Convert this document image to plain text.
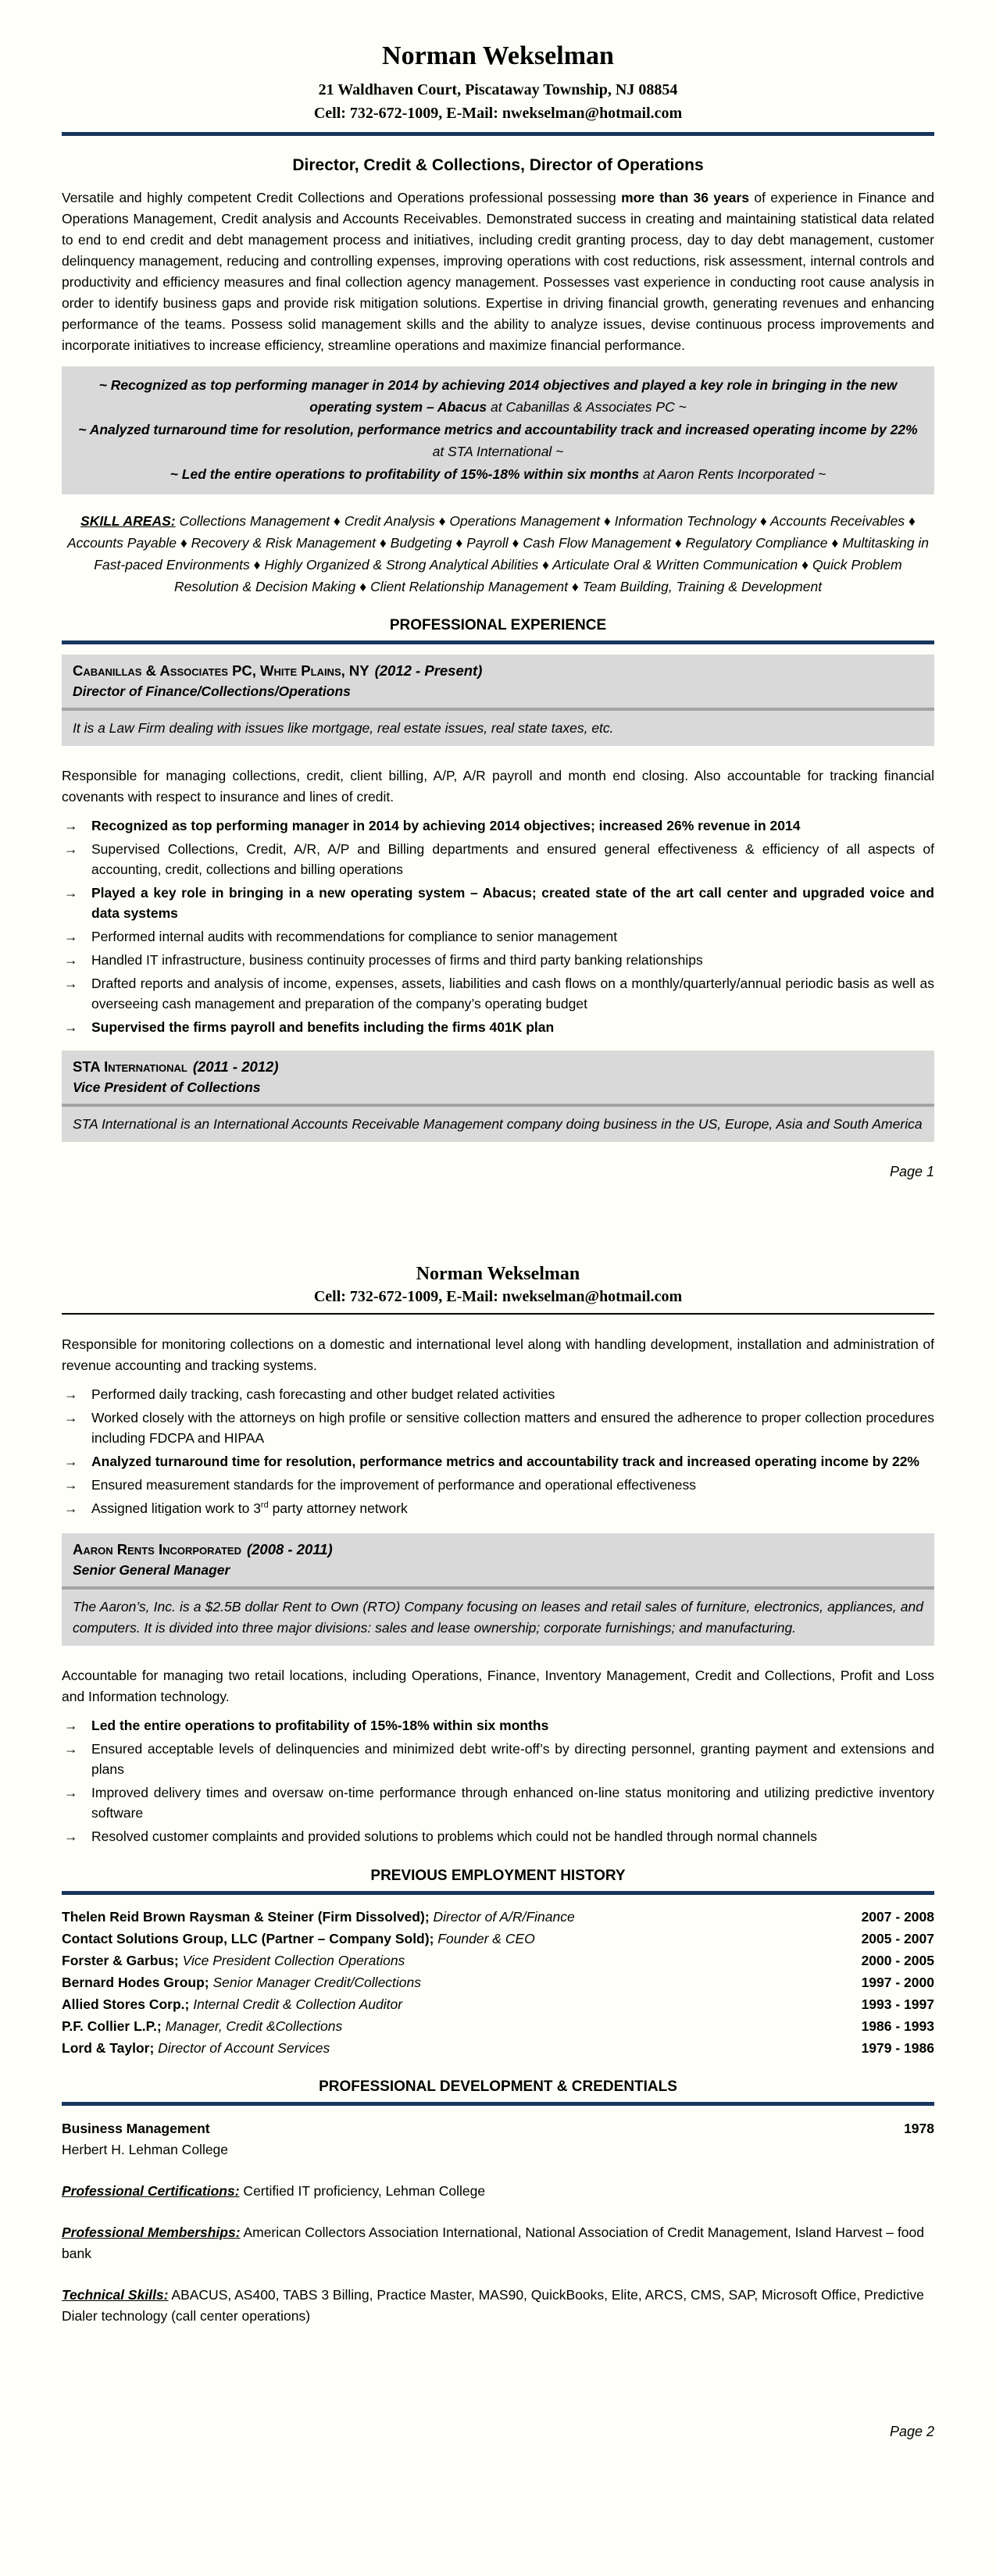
Norman Wekselman

21 Waldhaven Court, Piscataway Township, NJ 08854

Cell: 732-672-1009, E-Mail: nwekselman@hotmail.com

Director, Credit & Collections, Director of Operations

Versatile and highly competent Credit Collections and Operations professional possessing more than 36 years of experience in Finance and Operations Management, Credit analysis and Accounts Receivables. Demonstrated success in creating and maintaining statistical data related to end to end credit and debt management process and initiatives, including credit granting process, day to day debt management, customer delinquency management, reducing and controlling expenses, improving operations with cost reductions, risk assessment, internal controls and productivity and efficiency measures and final collection agency management. Possesses vast experience in conducting root cause analysis in order to identify business gaps and provide risk mitigation solutions. Expertise in driving financial growth, generating revenues and enhancing performance of the teams. Possess solid management skills and the ability to analyze issues, devise continuous process improvements and incorporate initiatives to increase efficiency, streamline operations and maximize financial performance.

~ Recognized as top performing manager in 2014 by achieving 2014 objectives and played a key role in bringing in the new operating system – Abacus at Cabanillas & Associates PC ~

~ Analyzed turnaround time for resolution, performance metrics and accountability track and increased operating income by 22% at STA International ~

~ Led the entire operations to profitability of 15%-18% within six months at Aaron Rents Incorporated ~

SKILL AREAS: Collections Management ♦ Credit Analysis ♦ Operations Management ♦ Information Technology ♦ Accounts Receivables ♦ Accounts Payable ♦ Recovery & Risk Management ♦ Budgeting ♦ Payroll ♦ Cash Flow Management ♦ Regulatory Compliance ♦ Multitasking in Fast-paced Environments ♦ Highly Organized & Strong Analytical Abilities ♦ Articulate Oral & Written Communication ♦ Quick Problem Resolution & Decision Making ♦ Client Relationship Management ♦ Team Building, Training & Development

PROFESSIONAL EXPERIENCE
Cabanillas & Associates PC, White Plains, NY (2012 - Present)
Director of Finance/Collections/Operations

It is a Law Firm dealing with issues like mortgage, real estate issues, real state taxes, etc.

Responsible for managing collections, credit, client billing, A/P, A/R payroll and month end closing. Also accountable for tracking financial covenants with respect to insurance and lines of credit.

→ Recognized as top performing manager in 2014 by achieving 2014 objectives; increased 26% revenue in 2014
→ Supervised Collections, Credit, A/R, A/P and Billing departments and ensured general effectiveness & efficiency of all aspects of accounting, credit, collections and billing operations
→ Played a key role in bringing in a new operating system – Abacus; created state of the art call center and upgraded voice and data systems
→ Performed internal audits with recommendations for compliance to senior management
→ Handled IT infrastructure, business continuity processes of firms and third party banking relationships
→ Drafted reports and analysis of income, expenses, assets, liabilities and cash flows on a monthly/quarterly/annual periodic basis as well as overseeing cash management and preparation of the company’s operating budget
→ Supervised the firms payroll and benefits including the firms 401K plan
STA International (2011 - 2012)
Vice President of Collections

STA International is an International Accounts Receivable Management company doing business in the US, Europe, Asia and South America

Page 1

Norman Wekselman

Cell: 732-672-1009, E-Mail: nwekselman@hotmail.com

Responsible for monitoring collections on a domestic and international level along with handling development, installation and administration of revenue accounting and tracking systems.

→ Performed daily tracking, cash forecasting and other budget related activities
→ Worked closely with the attorneys on high profile or sensitive collection matters and ensured the adherence to proper collection procedures including FDCPA and HIPAA
→ Analyzed turnaround time for resolution, performance metrics and accountability track and increased operating income by 22%
→ Ensured measurement standards for the improvement of performance and operational effectiveness
→ Assigned litigation work to 3rd party attorney network
Aaron Rents Incorporated (2008 - 2011)
Senior General Manager

The Aaron’s, Inc. is a $2.5B dollar Rent to Own (RTO) Company focusing on leases and retail sales of furniture, electronics, appliances, and computers. It is divided into three major divisions: sales and lease ownership; corporate furnishings; and manufacturing.

Accountable for managing two retail locations, including Operations, Finance, Inventory Management, Credit and Collections, Profit and Loss and Information technology.

→ Led the entire operations to profitability of 15%-18% within six months
→ Ensured acceptable levels of delinquencies and minimized debt write-off’s by directing personnel, granting payment and extensions and plans
→ Improved delivery times and oversaw on-time performance through enhanced on-line status monitoring and utilizing predictive inventory software
→ Resolved customer complaints and provided solutions to problems which could not be handled through normal channels
PREVIOUS EMPLOYMENT HISTORY
Thelen Reid Brown Raysman & Steiner (Firm Dissolved); Director of A/R/Finance	2007 - 2008
Contact Solutions Group, LLC (Partner – Company Sold); Founder & CEO	2005 - 2007
Forster & Garbus; Vice President Collection Operations	2000 - 2005
Bernard Hodes Group; Senior Manager Credit/Collections	1997 - 2000
Allied Stores Corp.; Internal Credit & Collection Auditor	1993 - 1997
P.F. Collier L.P.; Manager, Credit &Collections	1986 - 1993
Lord & Taylor; Director of Account Services	1979 - 1986
PROFESSIONAL DEVELOPMENT & CREDENTIALS
Business Management	1978
Herbert H. Lehman College

Professional Certifications: Certified IT proficiency, Lehman College

Professional Memberships: American Collectors Association International, National Association of Credit Management, Island Harvest – food bank

Technical Skills: ABACUS, AS400, TABS 3 Billing, Practice Master, MAS90, QuickBooks, Elite, ARCS, CMS, SAP, Microsoft Office, Predictive Dialer technology (call center operations)

Page 2
